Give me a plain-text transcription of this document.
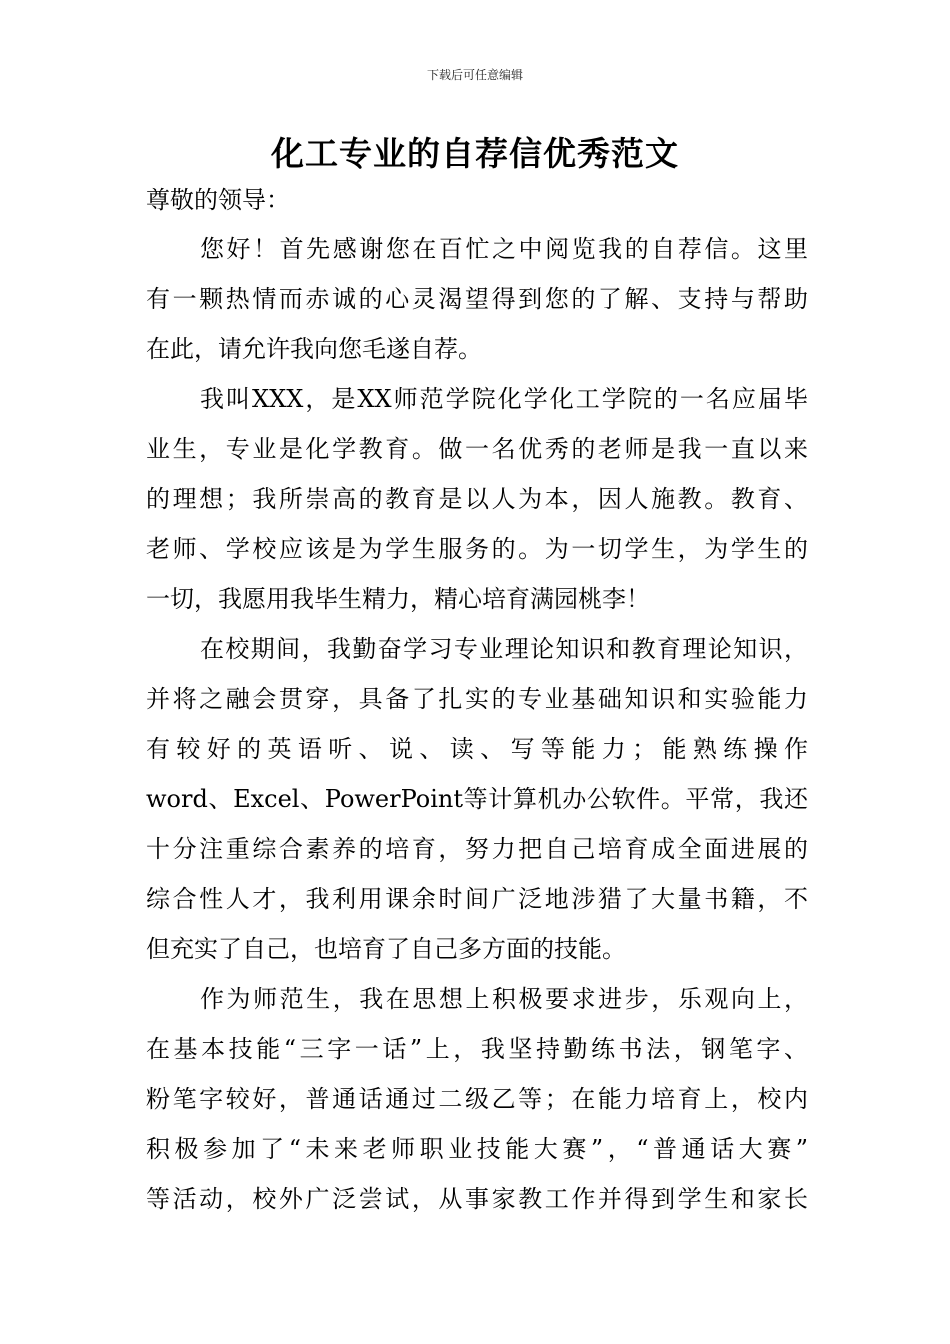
下载后可任意编辑
化工专业的自荐信优秀范文

尊敬的领导：

您好！首先感谢您在百忙之中阅览我的自荐信。这里
有一颗热情而赤诚的心灵渴望得到您的了解、支持与帮助
在此，请允许我向您毛遂自荐。
我叫XXX，是XX师范学院化学化工学院的一名应届毕
业生，专业是化学教育。做一名优秀的老师是我一直以来
的理想；我所崇高的教育是以人为本，因人施教。教育、
老师、学校应该是为学生服务的。为一切学生，为学生的
一切，我愿用我毕生精力，精心培育满园桃李！
在校期间，我勤奋学习专业理论知识和教育理论知识，
并将之融会贯穿，具备了扎实的专业基础知识和实验能力
有较好的英语听、说、读、写等能力；能熟练操作
word、Excel、PowerPoint等计算机办公软件。平常，我还
十分注重综合素养的培育，努力把自己培育成全面进展的
综合性人才，我利用课余时间广泛地涉猎了大量书籍，不
但充实了自己，也培育了自己多方面的技能。
作为师范生，我在思想上积极要求进步，乐观向上，
在基本技能“三字一话”上，我坚持勤练书法，钢笔字、
粉笔字较好，普通话通过二级乙等；在能力培育上，校内
积极参加了“未来老师职业技能大赛”，“普通话大赛”
等活动，校外广泛尝试，从事家教工作并得到学生和家长
